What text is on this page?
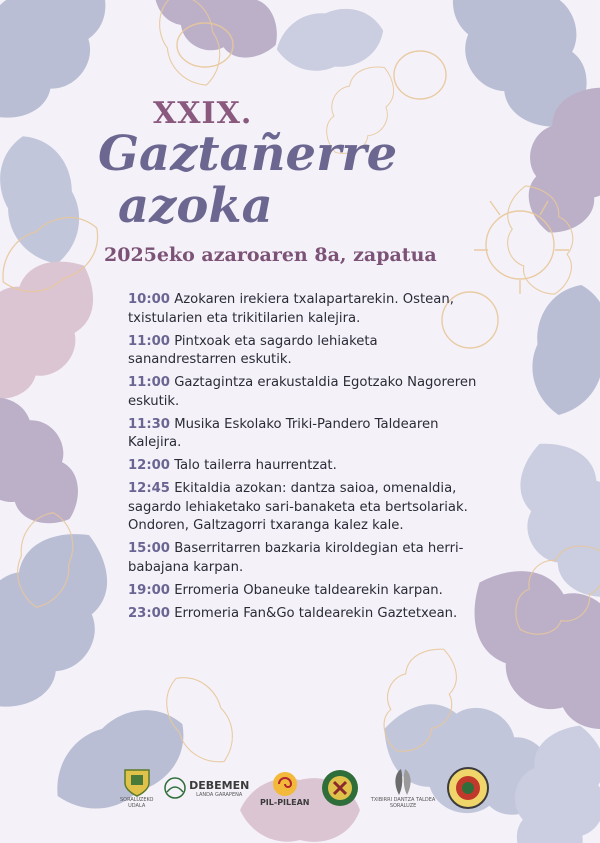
XXIX.
Gaztañerre
azoka
2025eko azaroaren 8a, zapatua
10:00 Azokaren irekiera txalapartarekin. Ostean, txistularien eta trikitilarien kalejira.
11:00 Pintxoak eta sagardo lehiaketa sanandrestarren eskutik.
11:00 Gaztagintza erakustaldia Egotzako Nagoreren eskutik.
11:30 Musika Eskolako Triki-Pandero Taldearen Kalejira.
12:00 Talo tailerra haurrentzat.
12:45 Ekitaldia azokan: dantza saioa, omenaldia, sagardo lehiaketako sari-banaketa eta bertsolariak. Ondoren, Galtzagorri txaranga kalez kale.
15:00 Baserritarren bazkaria kiroldegian eta herri-babajana karpan.
19:00 Erromeria Obaneuke taldearekin karpan.
23:00 Erromeria Fan&Go taldearekin Gaztetxean.
SORALUZEKO
UDALA
DEBEMEN
LANDA GARAPENA
PIL-PILEAN	TXIBIRRI DANTZA TALDEA
SORALUZE
